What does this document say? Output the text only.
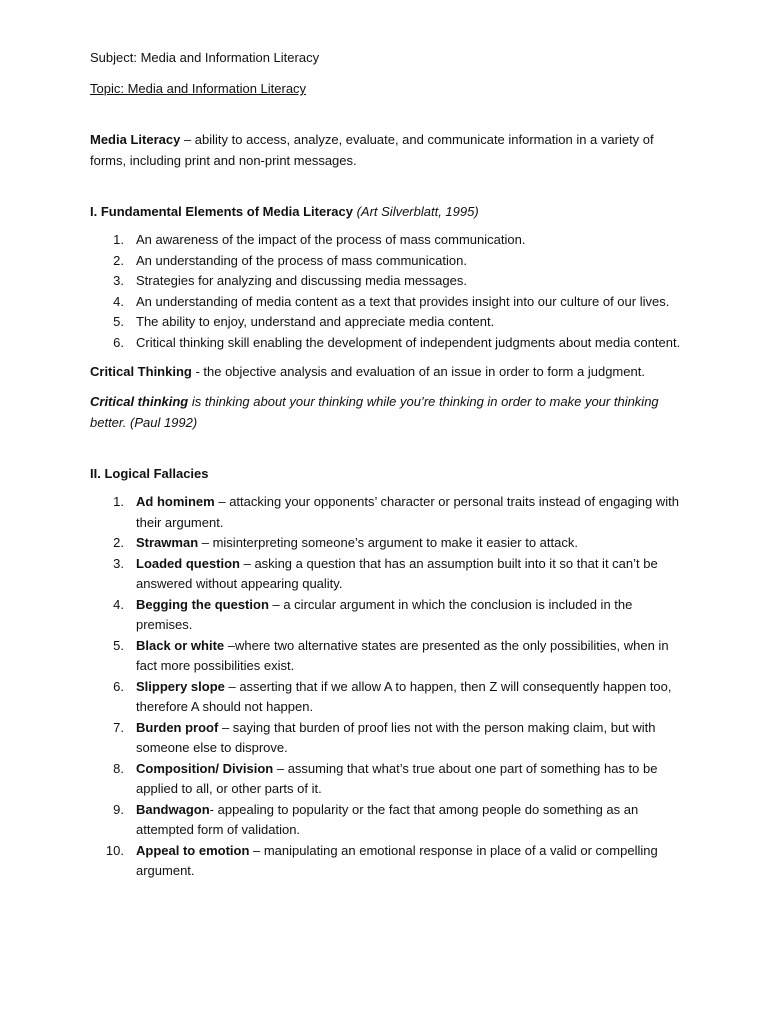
Subject: Media and Information Literacy
Topic: Media and Information Literacy
Media Literacy – ability to access, analyze, evaluate, and communicate information in a variety of forms, including print and non-print messages.
I. Fundamental Elements of Media Literacy (Art Silverblatt, 1995)
1. An awareness of the impact of the process of mass communication.
2. An understanding of the process of mass communication.
3. Strategies for analyzing and discussing media messages.
4. An understanding of media content as a text that provides insight into our culture of our lives.
5. The ability to enjoy, understand and appreciate media content.
6. Critical thinking skill enabling the development of independent judgments about media content.
Critical Thinking - the objective analysis and evaluation of an issue in order to form a judgment.
Critical thinking is thinking about your thinking while you’re thinking in order to make your thinking better. (Paul 1992)
II. Logical Fallacies
1. Ad hominem – attacking your opponents’ character or personal traits instead of engaging with their argument.
2. Strawman – misinterpreting someone’s argument to make it easier to attack.
3. Loaded question – asking a question that has an assumption built into it so that it can’t be answered without appearing quality.
4. Begging the question – a circular argument in which the conclusion is included in the premises.
5. Black or white –where two alternative states are presented as the only possibilities, when in fact more possibilities exist.
6. Slippery slope – asserting that if we allow A to happen, then Z will consequently happen too, therefore A should not happen.
7. Burden proof – saying that burden of proof lies not with the person making claim, but with someone else to disprove.
8. Composition/ Division – assuming that what’s true about one part of something has to be applied to all, or other parts of it.
9. Bandwagon- appealing to popularity or the fact that among people do something as an attempted form of validation.
10. Appeal to emotion – manipulating an emotional response in place of a valid or compelling argument.
